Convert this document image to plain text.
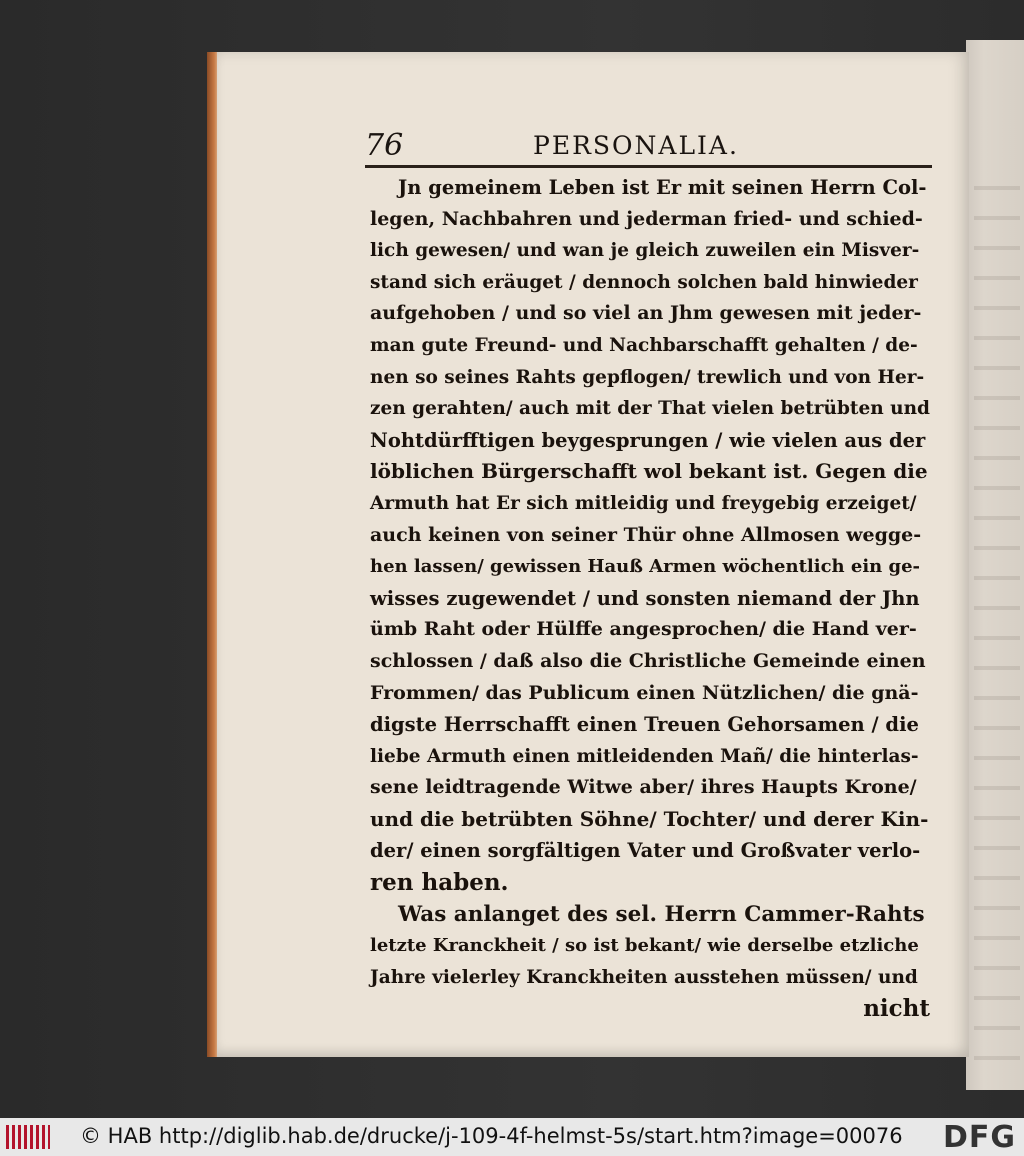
76	PERSONALIA.
Jn gemeinem Leben ist Er mit seinen Herrn Col-
legen, Nachbahren und jederman fried- und schied-
lich gewesen/ und wan je gleich zuweilen ein Misver-
stand sich eräuget / dennoch solchen bald hinwieder
aufgehoben / und so viel an Jhm gewesen mit jeder-
man gute Freund- und Nachbarschafft gehalten / de-
nen so seines Rahts gepflogen/ trewlich und von Her-
zen gerahten/ auch mit der That vielen betrübten und
Nohtdürfftigen beygesprungen / wie vielen aus der
löblichen Bürgerschafft wol bekant ist. Gegen die
Armuth hat Er sich mitleidig und freygebig erzeiget/
auch keinen von seiner Thür ohne Allmosen wegge-
hen lassen/ gewissen Hauß Armen wöchentlich ein ge-
wisses zugewendet / und sonsten niemand der Jhn
ümb Raht oder Hülffe angesprochen/ die Hand ver-
schlossen / daß also die Christliche Gemeinde einen
Frommen/ das Publicum einen Nützlichen/ die gnä-
digste Herrschafft einen Treuen Gehorsamen / die
liebe Armuth einen mitleidenden Mañ/ die hinterlas-
sene leidtragende Witwe aber/ ihres Haupts Krone/
und die betrübten Söhne/ Tochter/ und derer Kin-
der/ einen sorgfältigen Vater und Großvater verlo-
ren haben.
Was anlanget des sel. Herrn Cammer-Rahts
letzte Kranckheit / so ist bekant/ wie derselbe etzliche
Jahre vielerley Kranckheiten ausstehen müssen/ und
nicht
© HAB http://diglib.hab.de/drucke/j-109-4f-helmst-5s/start.htm?image=00076 DFG
